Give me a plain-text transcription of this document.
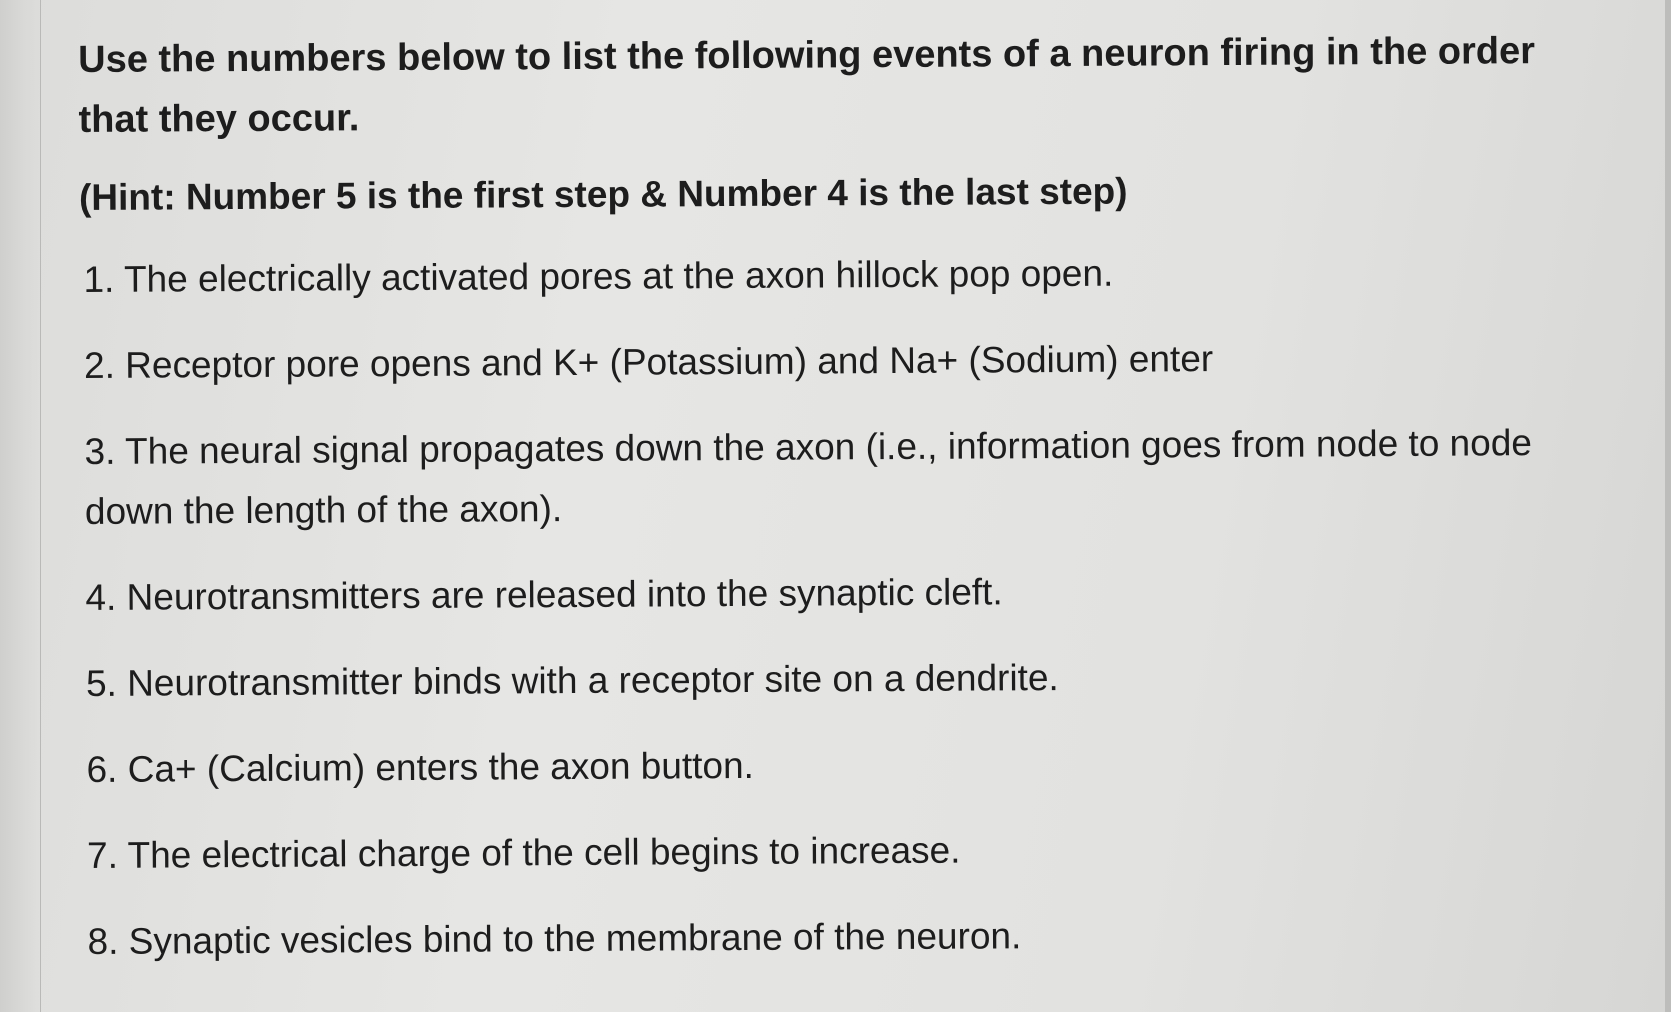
Use the numbers below to list the following events of a neuron firing in the order that they occur.

(Hint: Number 5 is the first step & Number 4 is the last step)

1. The electrically activated pores at the axon hillock pop open.
2. Receptor pore opens and K+ (Potassium) and Na+ (Sodium) enter
3. The neural signal propagates down the axon (i.e., information goes from node to node down the length of the axon).
4. Neurotransmitters are released into the synaptic cleft.
5. Neurotransmitter binds with a receptor site on a dendrite.
6. Ca+ (Calcium) enters the axon button.
7. The electrical charge of the cell begins to increase.
8. Synaptic vesicles bind to the membrane of the neuron.
